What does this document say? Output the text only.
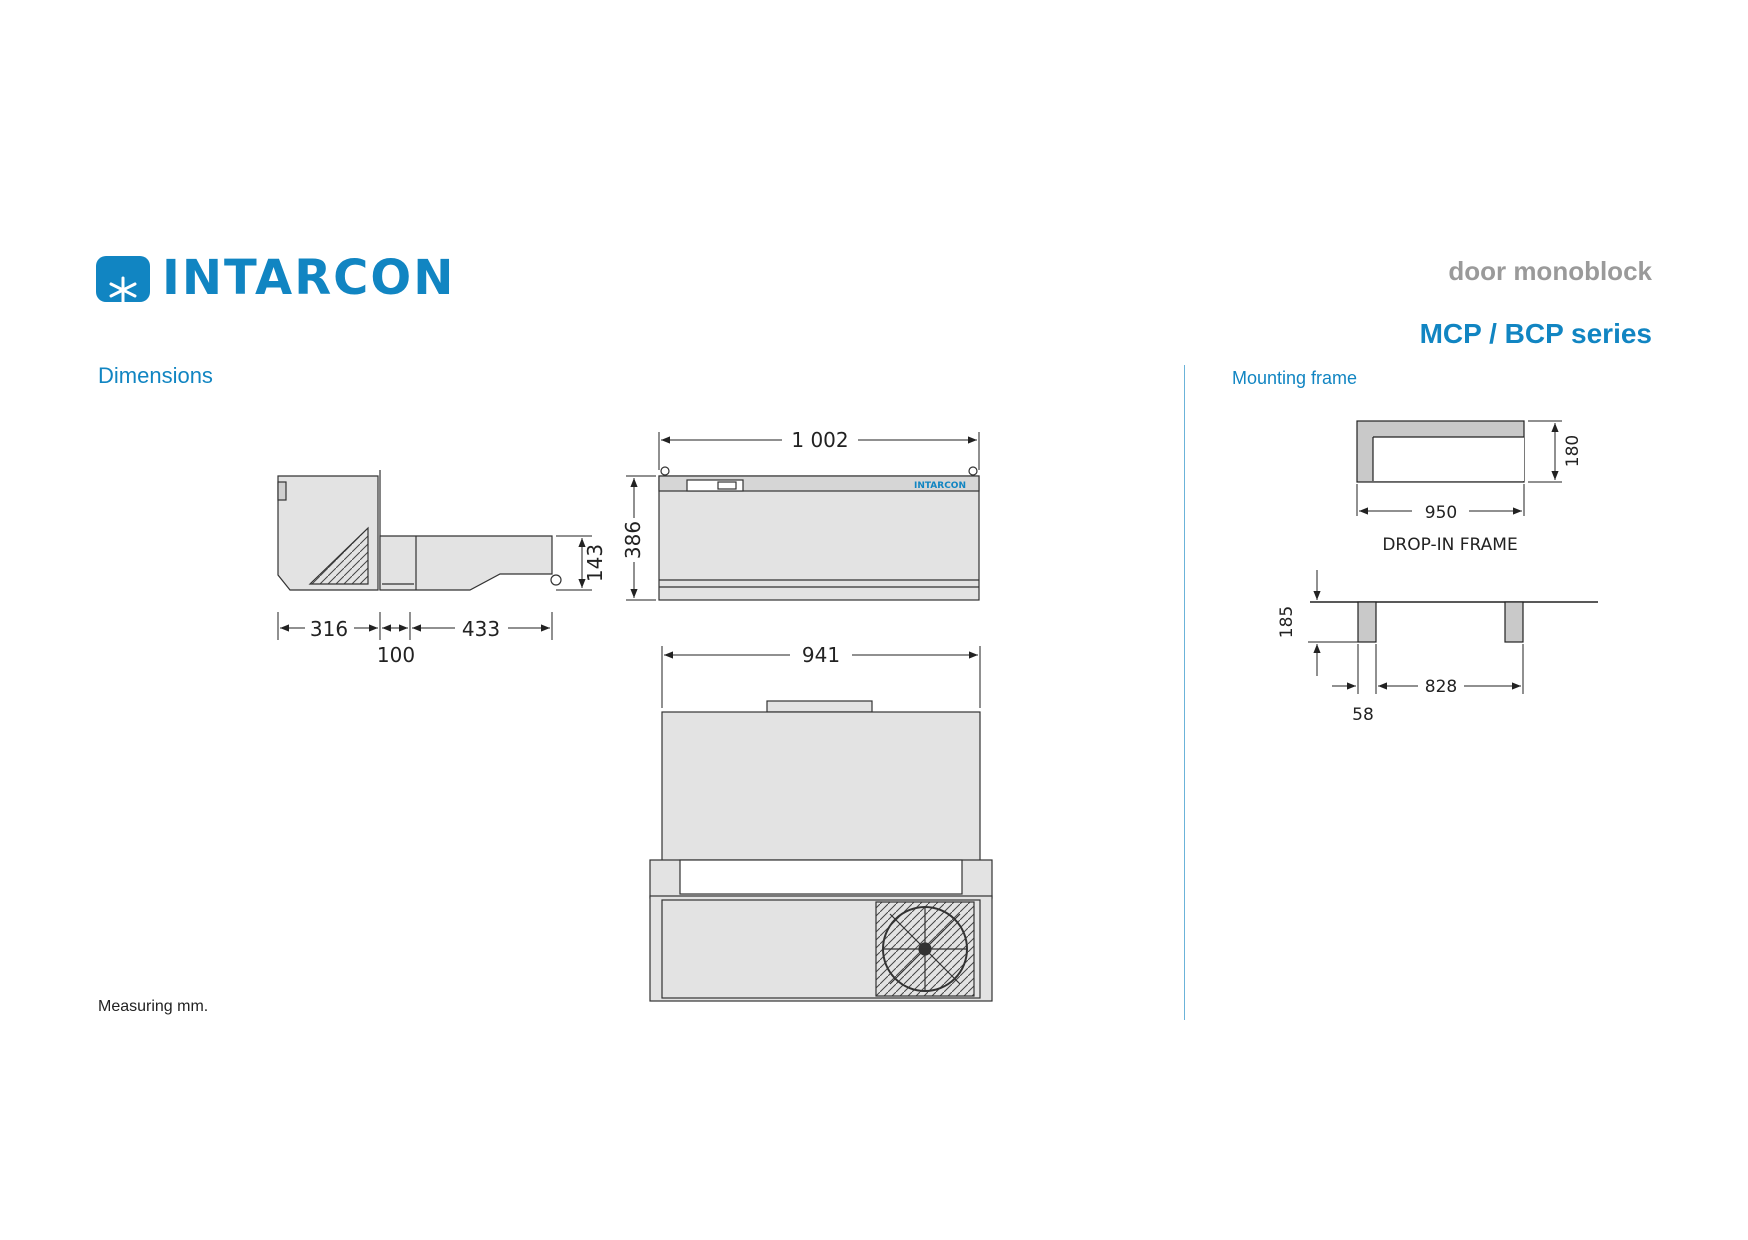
INTARCON	door monoblock
MCP / BCP series
Dimensions	Mounting frame
316
100
433
143
INTARCON
1 002
386
941
950
180
DROP-IN FRAME
185
828
58
Measuring mm.
